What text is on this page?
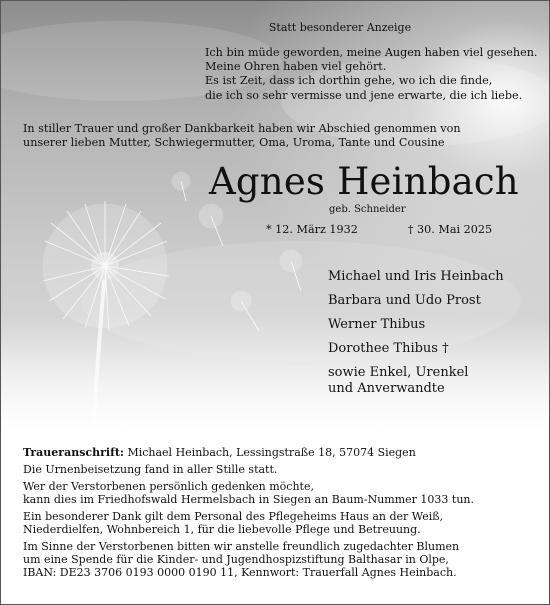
Statt besonderer Anzeige
Ich bin müde geworden, meine Augen haben viel gesehen.
Meine Ohren haben viel gehört.
Es ist Zeit, dass ich dorthin gehe, wo ich die finde,
die ich so sehr vermisse und jene erwarte, die ich liebe.
In stiller Trauer und großer Dankbarkeit haben wir Abschied genommen von
unserer lieben Mutter, Schwiegermutter, Oma, Uroma, Tante und Cousine
Agnes Heinbach
geb. Schneider
* 12. März 1932	† 30. Mai 2025
Michael und Iris Heinbach
Barbara und Udo Prost
Werner Thibus
Dorothee Thibus †
sowie Enkel, Urenkel
und Anverwandte

Traueranschrift: Michael Heinbach, Lessingstraße 18, 57074 Siegen

Die Urnenbeisetzung fand in aller Stille statt.

Wer der Verstorbenen persönlich gedenken möchte,
kann dies im Friedhofswald Hermelsbach in Siegen an Baum-Nummer 1033 tun.

Ein besonderer Dank gilt dem Personal des Pflegeheims Haus an der Weiß,
Niederdielfen, Wohnbereich 1, für die liebevolle Pflege und Betreuung.

Im Sinne der Verstorbenen bitten wir anstelle freundlich zugedachter Blumen
um eine Spende für die Kinder- und Jugendhospizstiftung Balthasar in Olpe,
IBAN: DE23 3706 0193 0000 0190 11, Kennwort: Trauerfall Agnes Heinbach.
